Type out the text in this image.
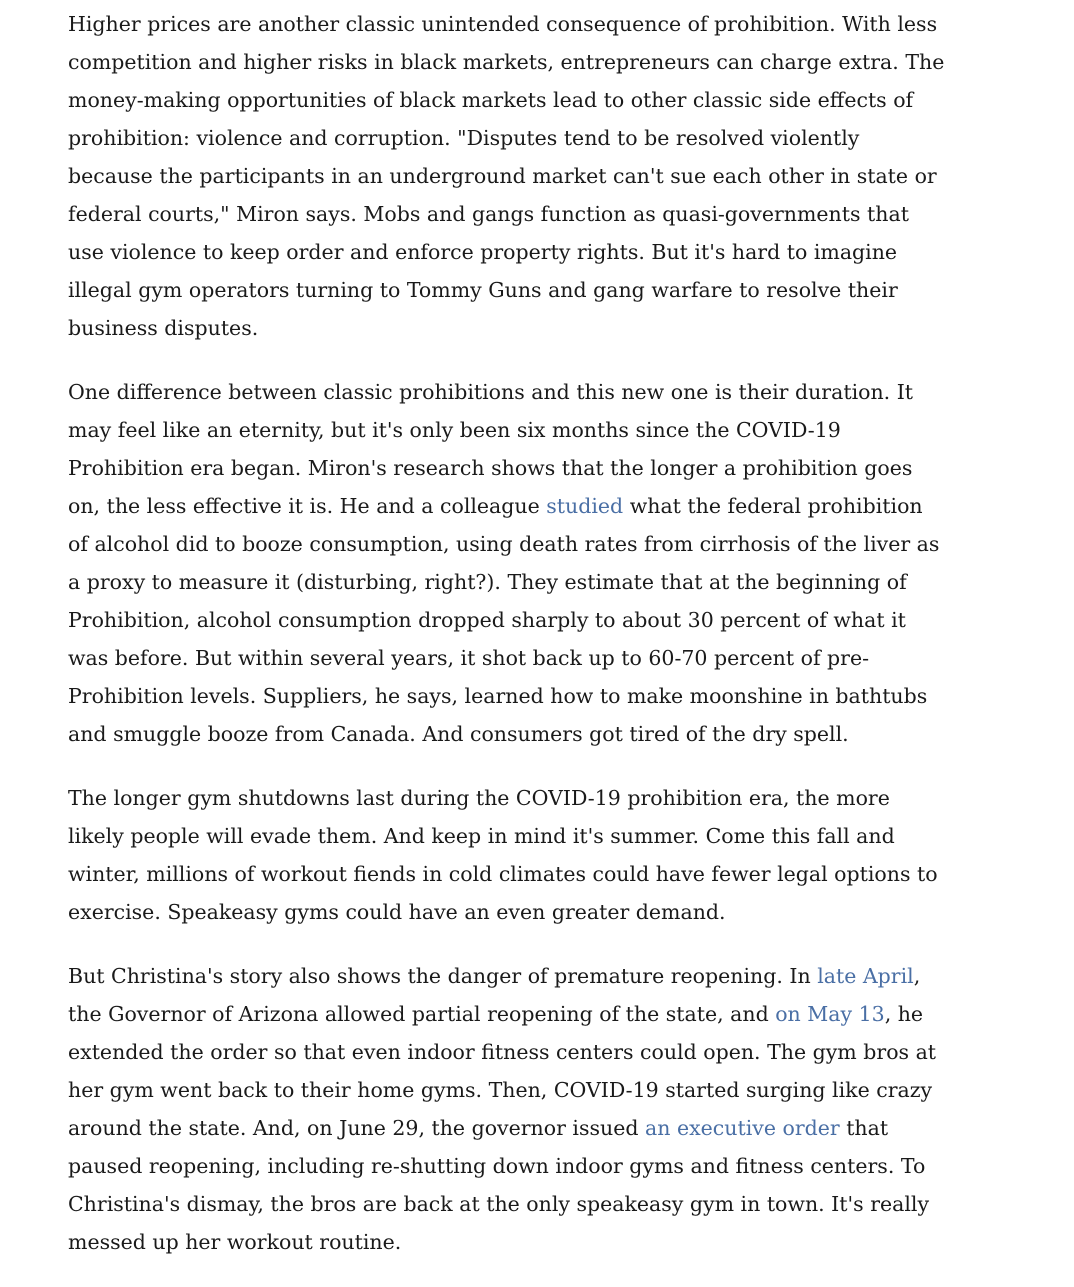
Higher prices are another classic unintended consequence of prohibition. With less competition and higher risks in black markets, entrepreneurs can charge extra. The money-making opportunities of black markets lead to other classic side effects of prohibition: violence and corruption. "Disputes tend to be resolved violently because the participants in an underground market can't sue each other in state or federal courts," Miron says. Mobs and gangs function as quasi-governments that use violence to keep order and enforce property rights. But it's hard to imagine illegal gym operators turning to Tommy Guns and gang warfare to resolve their business disputes.

One difference between classic prohibitions and this new one is their duration. It may feel like an eternity, but it's only been six months since the COVID-19 Prohibition era began. Miron's research shows that the longer a prohibition goes on, the less effective it is. He and a colleague studied what the federal prohibition of alcohol did to booze consumption, using death rates from cirrhosis of the liver as a proxy to measure it (disturbing, right?). They estimate that at the beginning of Prohibition, alcohol consumption dropped sharply to about 30 percent of what it was before. But within several years, it shot back up to 60-70 percent of pre-Prohibition levels. Suppliers, he says, learned how to make moonshine in bathtubs and smuggle booze from Canada. And consumers got tired of the dry spell.

The longer gym shutdowns last during the COVID-19 prohibition era, the more likely people will evade them. And keep in mind it's summer. Come this fall and winter, millions of workout fiends in cold climates could have fewer legal options to exercise. Speakeasy gyms could have an even greater demand.

But Christina's story also shows the danger of premature reopening. In late April, the Governor of Arizona allowed partial reopening of the state, and on May 13, he extended the order so that even indoor fitness centers could open. The gym bros at her gym went back to their home gyms. Then, COVID-19 started surging like crazy around the state. And, on June 29, the governor issued an executive order that paused reopening, including re-shutting down indoor gyms and fitness centers. To Christina's dismay, the bros are back at the only speakeasy gym in town. It's really messed up her workout routine.
